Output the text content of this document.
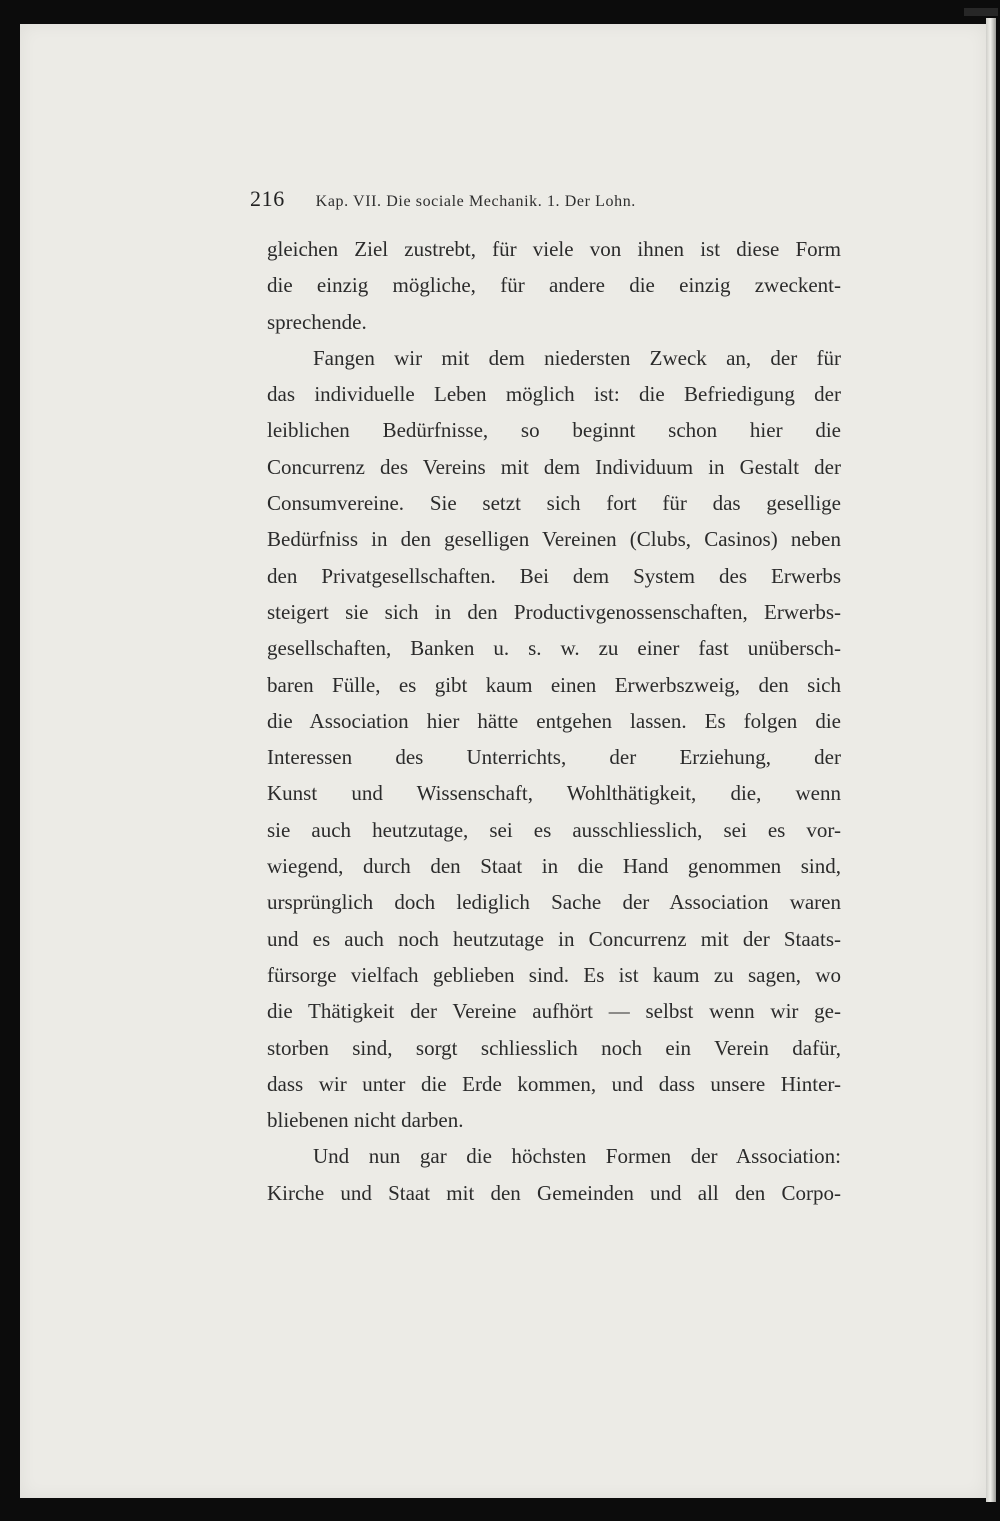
216 Kap. VII. Die sociale Mechanik. 1. Der Lohn.

gleichen Ziel zustrebt, für viele von ihnen ist diese Form
die einzig mögliche, für andere die einzig zweckent-
sprechende.

Fangen wir mit dem niedersten Zweck an, der für
das individuelle Leben möglich ist: die Befriedigung der
leiblichen Bedürfnisse, so beginnt schon hier die
Concurrenz des Vereins mit dem Individuum in Gestalt der
Consumvereine. Sie setzt sich fort für das gesellige
Bedürfniss in den geselligen Vereinen (Clubs, Casinos) neben
den Privatgesellschaften. Bei dem System des Erwerbs
steigert sie sich in den Productivgenossenschaften, Erwerbs-
gesellschaften, Banken u. s. w. zu einer fast unübersch-
baren Fülle, es gibt kaum einen Erwerbszweig, den sich
die Association hier hätte entgehen lassen. Es folgen die
Interessen des Unterrichts, der Erziehung, der
Kunst und Wissenschaft, Wohlthätigkeit, die, wenn
sie auch heutzutage, sei es ausschliesslich, sei es vor-
wiegend, durch den Staat in die Hand genommen sind,
ursprünglich doch lediglich Sache der Association waren
und es auch noch heutzutage in Concurrenz mit der Staats-
fürsorge vielfach geblieben sind. Es ist kaum zu sagen, wo
die Thätigkeit der Vereine aufhört — selbst wenn wir ge-
storben sind, sorgt schliesslich noch ein Verein dafür,
dass wir unter die Erde kommen, und dass unsere Hinter-
bliebenen nicht darben.

Und nun gar die höchsten Formen der Association:
Kirche und Staat mit den Gemeinden und all den Corpo-
